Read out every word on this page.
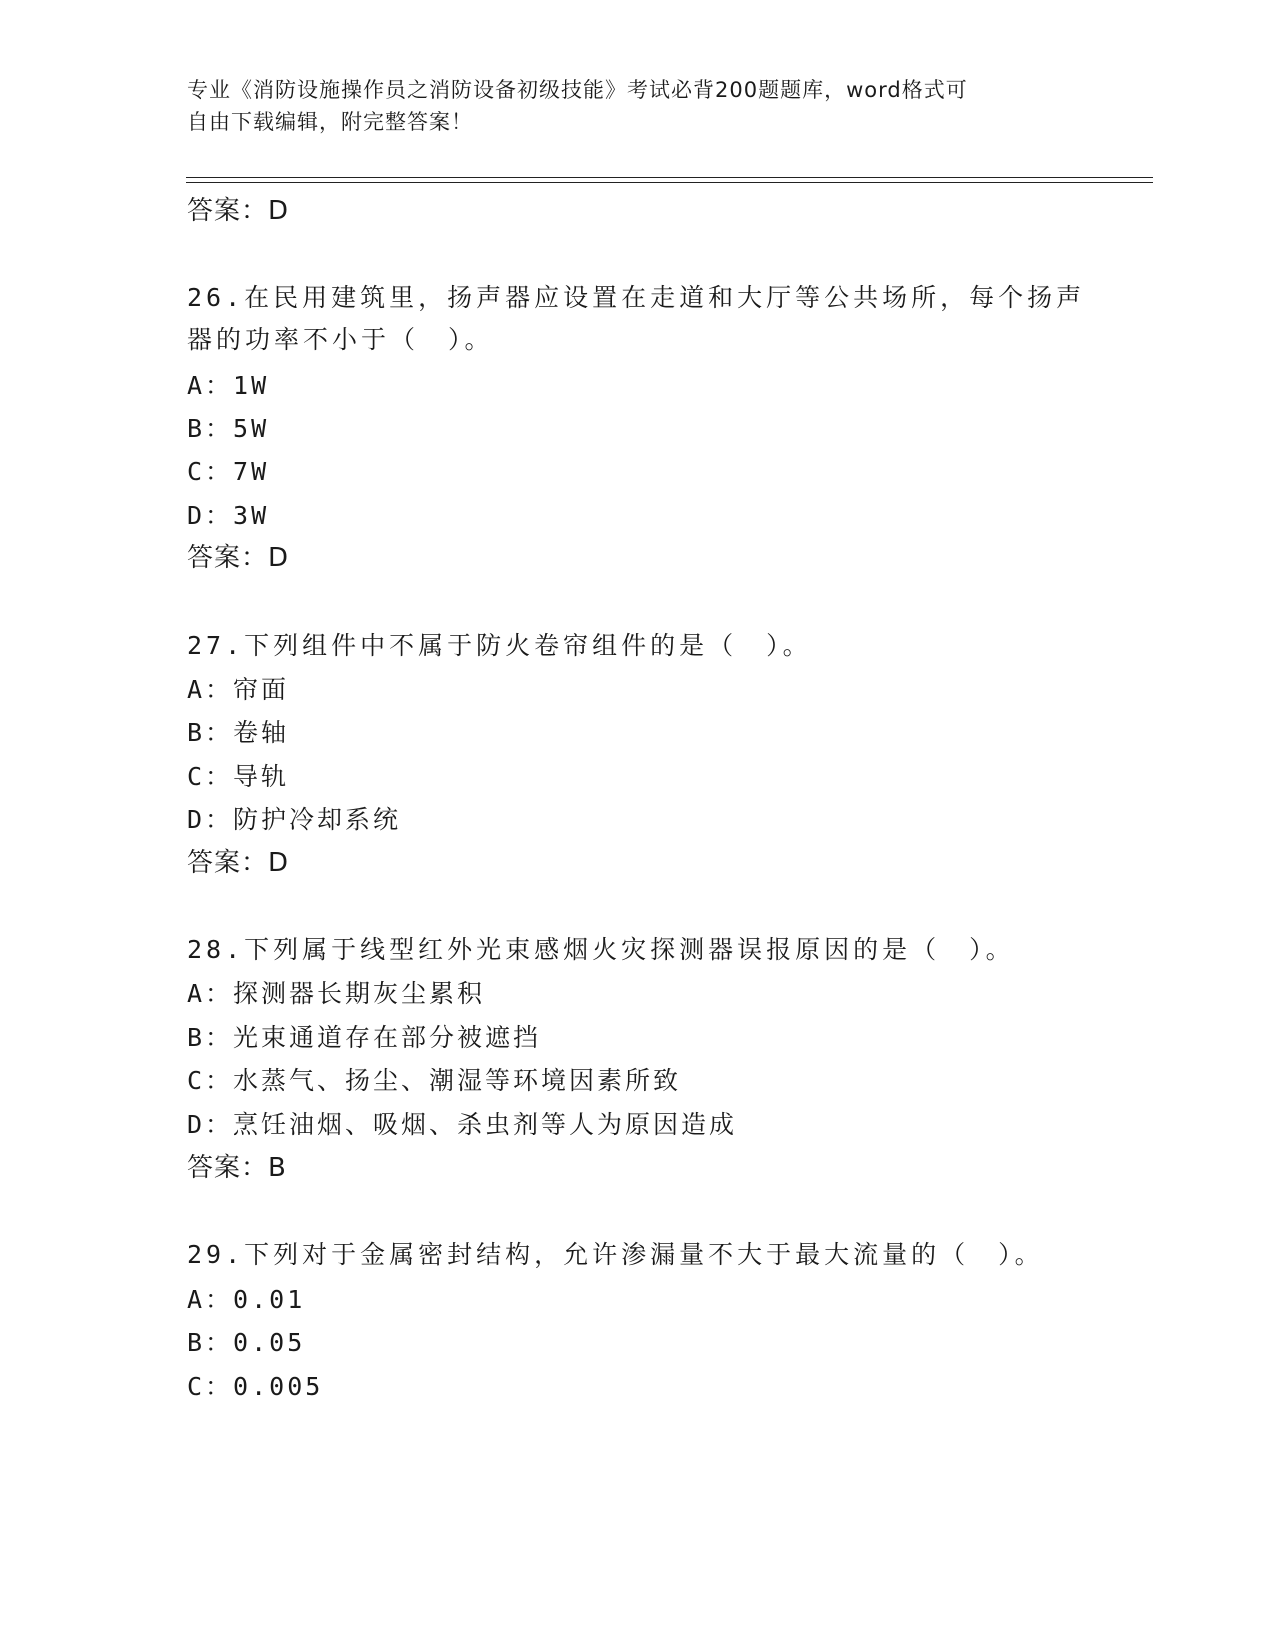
专业《消防设施操作员之消防设备初级技能》考试必背200题题库，word格式可
自由下载编辑，附完整答案！
答案：D
26.在民用建筑里，扬声器应设置在走道和大厅等公共场所，每个扬声
器的功率不小于（　）。
A：1W
B：5W
C：7W
D：3W
答案：D
27.下列组件中不属于防火卷帘组件的是（　）。
A：帘面
B：卷轴
C：导轨
D：防护冷却系统
答案：D
28.下列属于线型红外光束感烟火灾探测器误报原因的是（　）。
A：探测器长期灰尘累积
B：光束通道存在部分被遮挡
C：水蒸气、扬尘、潮湿等环境因素所致
D：烹饪油烟、吸烟、杀虫剂等人为原因造成
答案：B
29.下列对于金属密封结构，允许渗漏量不大于最大流量的（　）。
A：0.01
B：0.05
C：0.005
